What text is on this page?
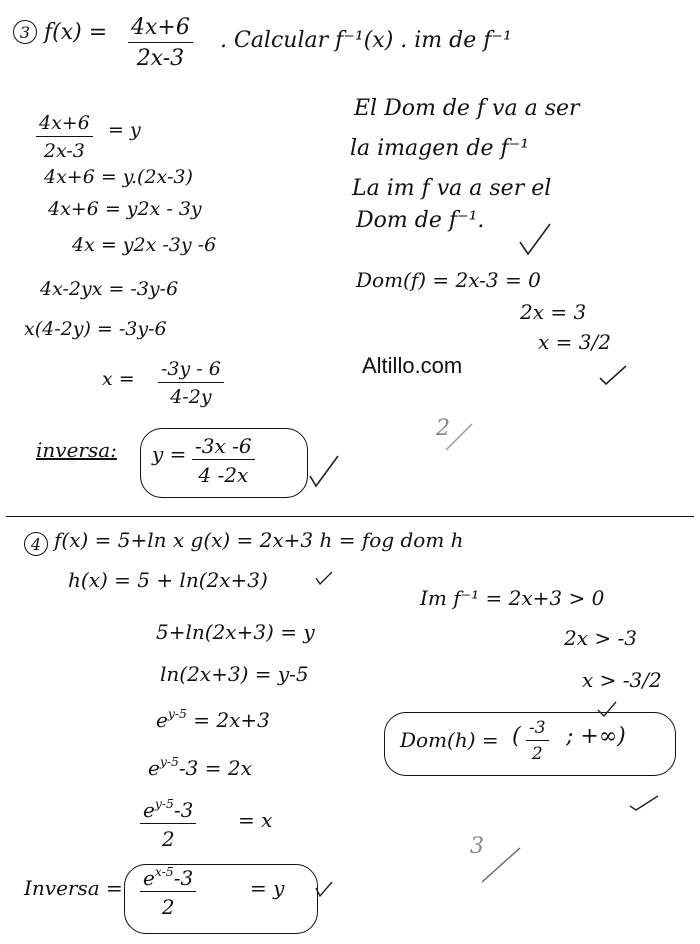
3 $f(x) = \frac{4x+6}{2x-3}$ . Calcular f⁻¹(x) . im de f⁻¹
$\frac{4x+6}{2x-3} = y$
4x+6 = y.(2x-3)
4x+6 = y2x - 3y
4x = y2x -3y -6
4x-2yx = -3y-6
x(4-2y) = -3y-6
$x = \frac{-3y - 6}{4-2y}$
inversa: $y = \frac{-3x -6}{4 -2x}$
El Dom de f va a ser
la imagen de f⁻¹
La im f va a ser el
Dom de f⁻¹.
Dom(f) = 2x-3 = 0
2x = 3
x = 3/2
Altillo.com
2
4 f(x) = 5+ln x g(x) = 2x+3 h = fog dom h
h(x) = 5 + ln(2x+3)
5+ln(2x+3) = y
ln(2x+3) = y-5
$e^{y-5} = 2x+3$
$e^{y-5}-3 = 2x$
$\frac{e^{y-5}-3}{2} = x$
Im f⁻¹ = 2x+3 > 0
2x > -3
x > -3/2
Dom(h) = ( $\frac{-3}{2}$ ; +∞)
Inversa = $\frac{e^{x-5}-3}{2}$	= y
3
